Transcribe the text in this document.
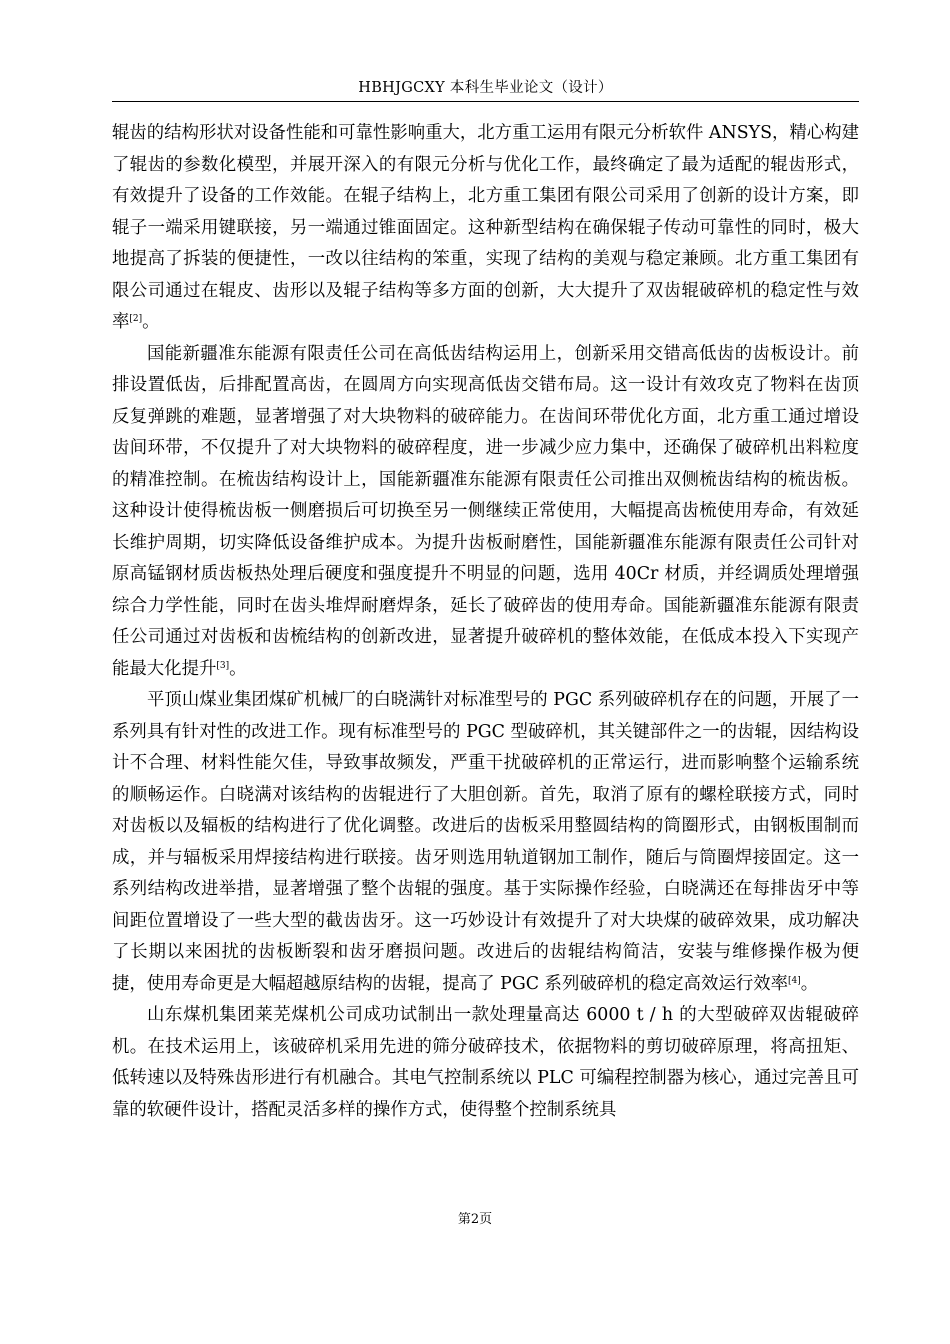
HBHJGCXY 本科生毕业论文（设计）

辊齿的结构形状对设备性能和可靠性影响重大，北方重工运用有限元分析软件 ANSYS，精心构建了辊齿的参数化模型，并展开深入的有限元分析与优化工作，最终确定了最为适配的辊齿形式，有效提升了设备的工作效能。在辊子结构上，北方重工集团有限公司采用了创新的设计方案，即辊子一端采用键联接，另一端通过锥面固定。这种新型结构在确保辊子传动可靠性的同时，极大地提高了拆装的便捷性，一改以往结构的笨重，实现了结构的美观与稳定兼顾。北方重工集团有限公司通过在辊皮、齿形以及辊子结构等多方面的创新，大大提升了双齿辊破碎机的稳定性与效率[2]。

国能新疆准东能源有限责任公司在高低齿结构运用上，创新采用交错高低齿的齿板设计。前排设置低齿，后排配置高齿，在圆周方向实现高低齿交错布局。这一设计有效攻克了物料在齿顶反复弹跳的难题，显著增强了对大块物料的破碎能力。在齿间环带优化方面，北方重工通过增设齿间环带，不仅提升了对大块物料的破碎程度，进一步减少应力集中，还确保了破碎机出料粒度的精准控制。在梳齿结构设计上，国能新疆准东能源有限责任公司推出双侧梳齿结构的梳齿板。这种设计使得梳齿板一侧磨损后可切换至另一侧继续正常使用，大幅提高齿梳使用寿命，有效延长维护周期，切实降低设备维护成本。为提升齿板耐磨性，国能新疆准东能源有限责任公司针对原高锰钢材质齿板热处理后硬度和强度提升不明显的问题，选用 40Cr 材质，并经调质处理增强综合力学性能，同时在齿头堆焊耐磨焊条，延长了破碎齿的使用寿命。国能新疆准东能源有限责任公司通过对齿板和齿梳结构的创新改进，显著提升破碎机的整体效能，在低成本投入下实现产能最大化提升[3]。

平顶山煤业集团煤矿机械厂的白晓满针对标准型号的 PGC 系列破碎机存在的问题，开展了一系列具有针对性的改进工作。现有标准型号的 PGC 型破碎机，其关键部件之一的齿辊，因结构设计不合理、材料性能欠佳，导致事故频发，严重干扰破碎机的正常运行，进而影响整个运输系统的顺畅运作。白晓满对该结构的齿辊进行了大胆创新。首先，取消了原有的螺栓联接方式，同时对齿板以及辐板的结构进行了优化调整。改进后的齿板采用整圆结构的筒圈形式，由钢板围制而成，并与辐板采用焊接结构进行联接。齿牙则选用轨道钢加工制作，随后与筒圈焊接固定。这一系列结构改进举措，显著增强了整个齿辊的强度。基于实际操作经验，白晓满还在每排齿牙中等间距位置增设了一些大型的截齿齿牙。这一巧妙设计有效提升了对大块煤的破碎效果，成功解决了长期以来困扰的齿板断裂和齿牙磨损问题。改进后的齿辊结构简洁，安装与维修操作极为便捷，使用寿命更是大幅超越原结构的齿辊，提高了 PGC 系列破碎机的稳定高效运行效率[4]。

山东煤机集团莱芜煤机公司成功试制出一款处理量高达 6000 t / h 的大型破碎双齿辊破碎机。在技术运用上，该破碎机采用先进的筛分破碎技术，依据物料的剪切破碎原理，将高扭矩、低转速以及特殊齿形进行有机融合。其电气控制系统以 PLC 可编程控制器为核心，通过完善且可靠的软硬件设计，搭配灵活多样的操作方式，使得整个控制系统具

第2页
